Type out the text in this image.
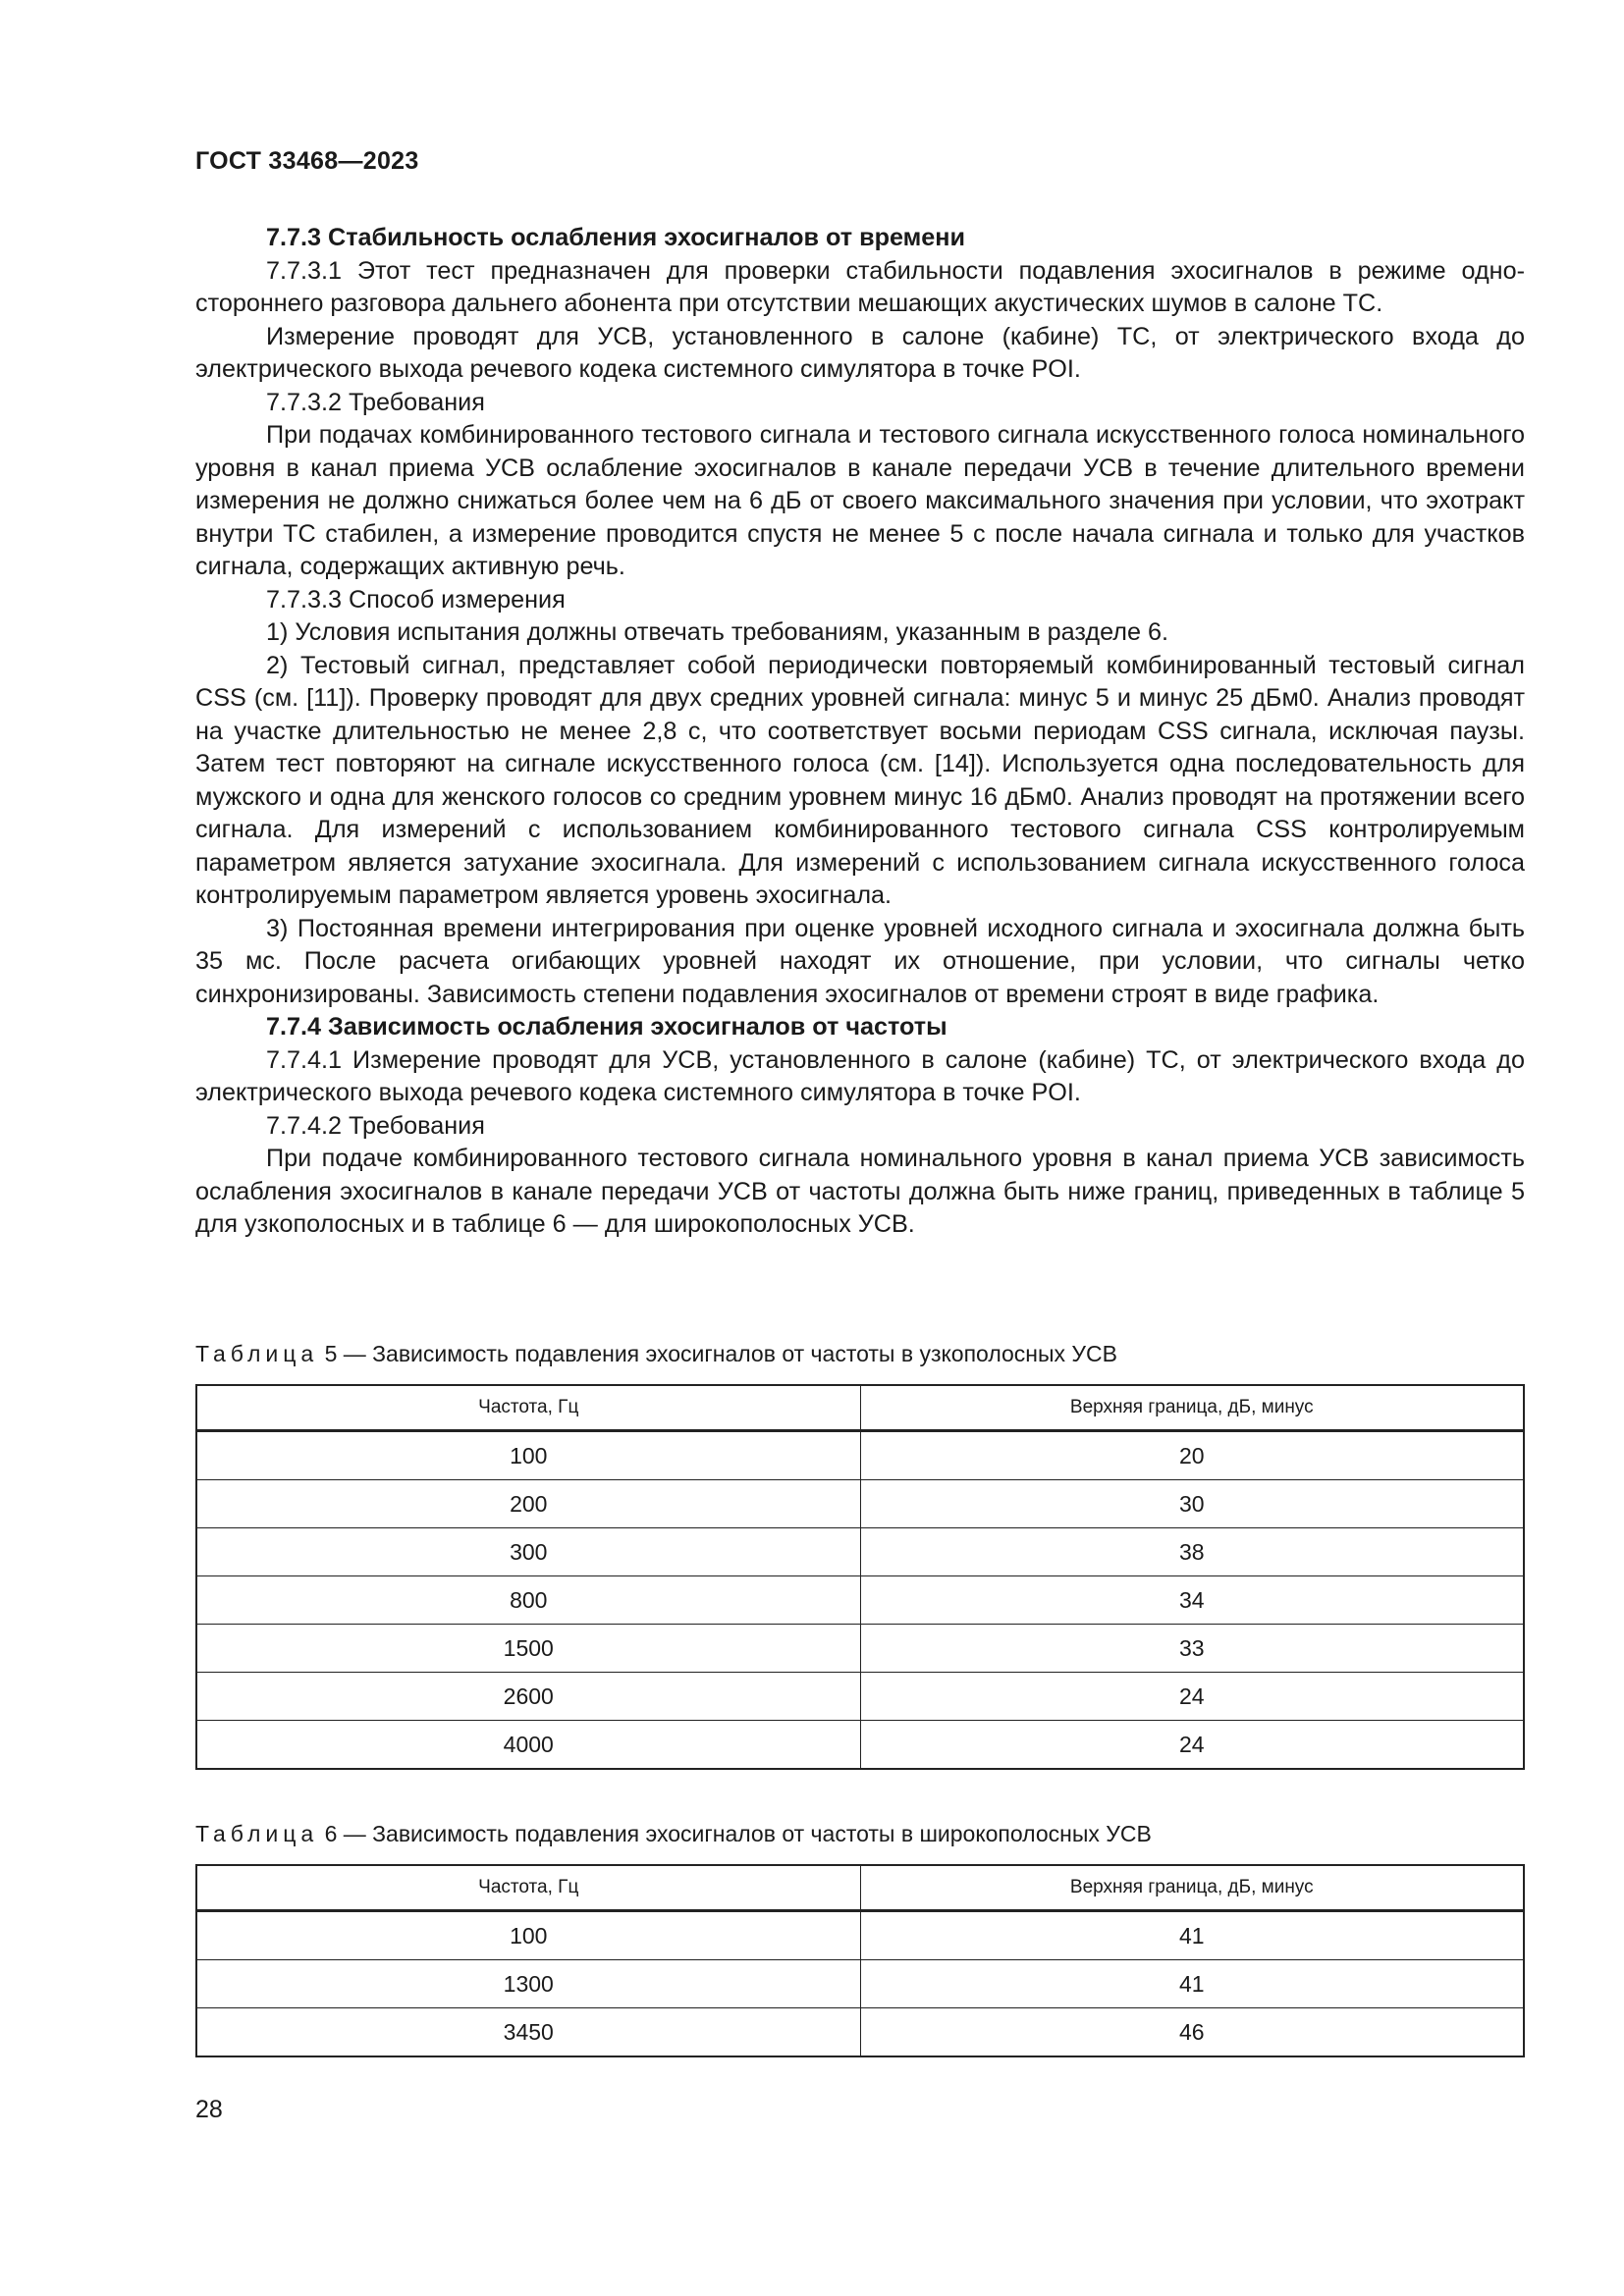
ГОСТ 33468—2023

7.7.3 Стабильность ослабления эхосигналов от времени

7.7.3.1 Этот тест предназначен для проверки стабильности подавления эхосигналов в режиме одностороннего разговора дальнего абонента при отсутствии мешающих акустических шумов в салоне ТС.

Измерение проводят для УСВ, установленного в салоне (кабине) ТС, от электрического входа до электрического выхода речевого кодека системного симулятора в точке POI.

7.7.3.2 Требования

При подачах комбинированного тестового сигнала и тестового сигнала искусственного голоса номинального уровня в канал приема УСВ ослабление эхосигналов в канале передачи УСВ в течение длительного времени измерения не должно снижаться более чем на 6 дБ от своего максимального значения при условии, что эхотракт внутри ТС стабилен, а измерение проводится спустя не менее 5 с после начала сигнала и только для участков сигнала, содержащих активную речь.

7.7.3.3 Способ измерения

1) Условия испытания должны отвечать требованиям, указанным в разделе 6.

2) Тестовый сигнал, представляет собой периодически повторяемый комбинированный тестовый сигнал CSS (см. [11]). Проверку проводят для двух средних уровней сигнала: минус 5 и минус 25 дБм0. Анализ проводят на участке длительностью не менее 2,8 с, что соответствует восьми периодам CSS сигнала, исключая паузы. Затем тест повторяют на сигнале искусственного голоса (см. [14]). Используется одна последовательность для мужского и одна для женского голосов со средним уровнем минус 16 дБм0. Анализ проводят на протяжении всего сигнала. Для измерений с использованием комбинированного тестового сигнала CSS контролируемым параметром является затухание эхосигнала. Для измерений с использованием сигнала искусственного голоса контролируемым параметром является уровень эхосигнала.

3) Постоянная времени интегрирования при оценке уровней исходного сигнала и эхосигнала должна быть 35 мс. После расчета огибающих уровней находят их отношение, при условии, что сигналы четко синхронизированы. Зависимость степени подавления эхосигналов от времени строят в виде графика.

7.7.4 Зависимость ослабления эхосигналов от частоты

7.7.4.1 Измерение проводят для УСВ, установленного в салоне (кабине) ТС, от электрического входа до электрического выхода речевого кодека системного симулятора в точке POI.

7.7.4.2 Требования

При подаче комбинированного тестового сигнала номинального уровня в канал приема УСВ зависимость ослабления эхосигналов в канале передачи УСВ от частоты должна быть ниже границ, приведенных в таблице 5 для узкополосных и в таблице 6 — для широкополосных УСВ.

Таблица 5 — Зависимость подавления эхосигналов от частоты в узкополосных УСВ

Частота, Гц	Верхняя граница, дБ, минус
100	20
200	30
300	38
800	34
1500	33
2600	24
4000	24

Таблица 6 — Зависимость подавления эхосигналов от частоты в широкополосных УСВ

Частота, Гц	Верхняя граница, дБ, минус
100	41
1300	41
3450	46
28
